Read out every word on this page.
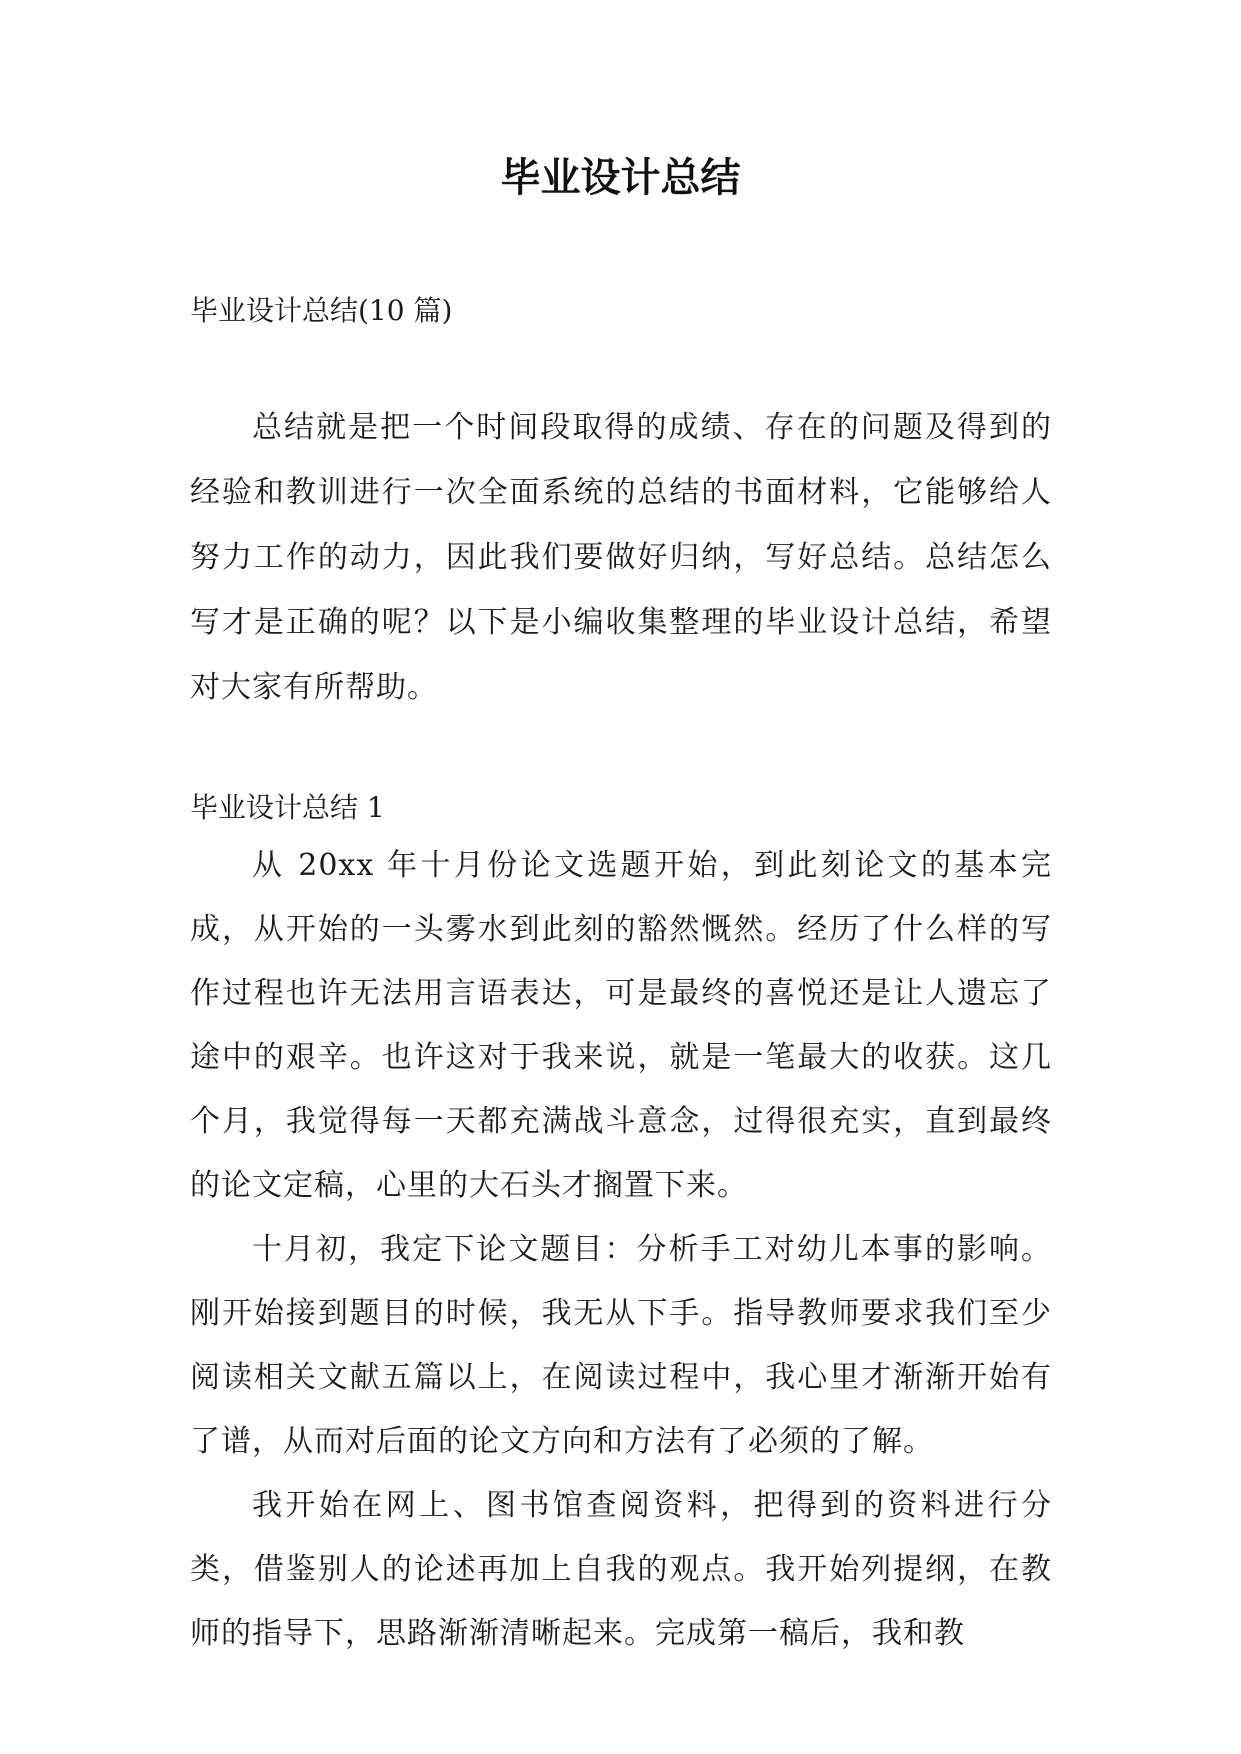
毕业设计总结

毕业设计总结(10 篇)

总结就是把一个时间段取得的成绩、存在的问题及得到的经验和教训进行一次全面系统的总结的书面材料，它能够给人努力工作的动力，因此我们要做好归纳，写好总结。总结怎么写才是正确的呢？以下是小编收集整理的毕业设计总结，希望对大家有所帮助。

毕业设计总结 1

从 20xx 年十月份论文选题开始，到此刻论文的基本完成，从开始的一头雾水到此刻的豁然慨然。经历了什么样的写作过程也许无法用言语表达，可是最终的喜悦还是让人遗忘了途中的艰辛。也许这对于我来说，就是一笔最大的收获。这几个月，我觉得每一天都充满战斗意念，过得很充实，直到最终的论文定稿，心里的大石头才搁置下来。

十月初，我定下论文题目：分析手工对幼儿本事的影响。刚开始接到题目的时候，我无从下手。指导教师要求我们至少阅读相关文献五篇以上，在阅读过程中，我心里才渐渐开始有了谱，从而对后面的论文方向和方法有了必须的了解。

我开始在网上、图书馆查阅资料，把得到的资料进行分类，借鉴别人的论述再加上自我的观点。我开始列提纲，在教师的指导下，思路渐渐清晰起来。完成第一稿后，我和教
